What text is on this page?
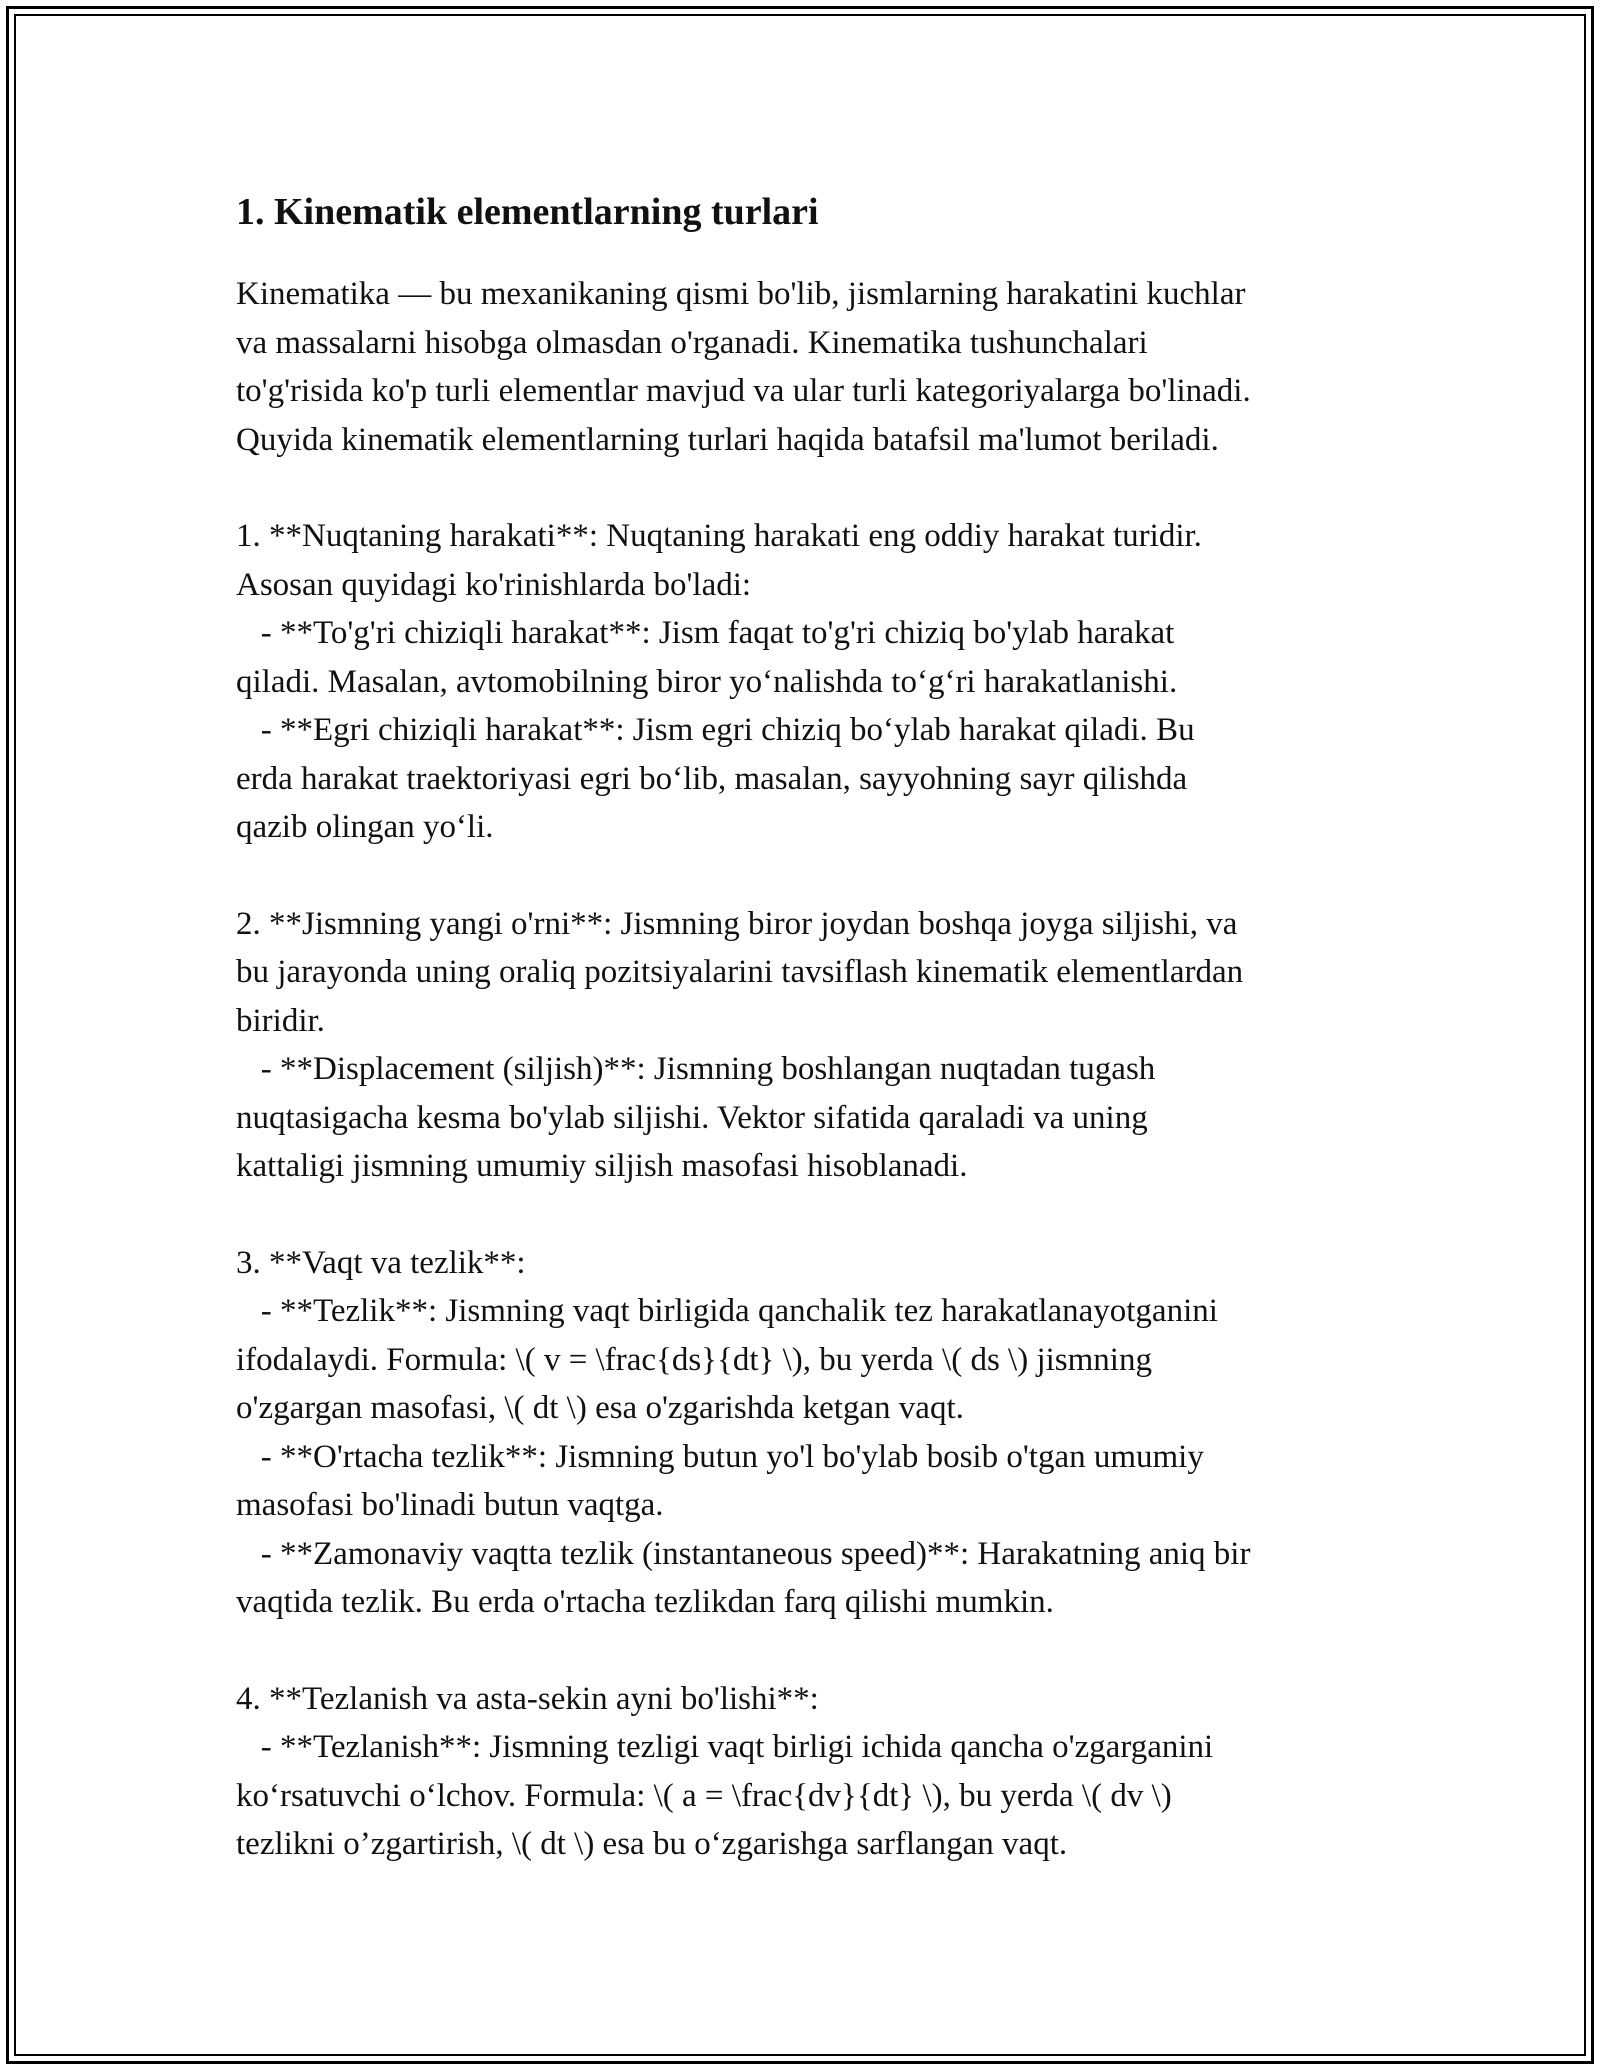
1. Kinematik elementlarning turlari
Kinematika — bu mexanikaning qismi bo'lib, jismlarning harakatini kuchlar
va massalarni hisobga olmasdan o'rganadi. Kinematika tushunchalari
to'g'risida ko'p turli elementlar mavjud va ular turli kategoriyalarga bo'linadi.
Quyida kinematik elementlarning turlari haqida batafsil ma'lumot beriladi.
1. **Nuqtaning harakati**: Nuqtaning harakati eng oddiy harakat turidir.
Asosan quyidagi ko'rinishlarda bo'ladi:
- **To'g'ri chiziqli harakat**: Jism faqat to'g'ri chiziq bo'ylab harakat
qiladi. Masalan, avtomobilning biror yo‘nalishda to‘g‘ri harakatlanishi.
- **Egri chiziqli harakat**: Jism egri chiziq bo‘ylab harakat qiladi. Bu
erda harakat traektoriyasi egri bo‘lib, masalan, sayyohning sayr qilishda
qazib olingan yo‘li.
2. **Jismning yangi o'rni**: Jismning biror joydan boshqa joyga siljishi, va
bu jarayonda uning oraliq pozitsiyalarini tavsiflash kinematik elementlardan
biridir.
- **Displacement (siljish)**: Jismning boshlangan nuqtadan tugash
nuqtasigacha kesma bo'ylab siljishi. Vektor sifatida qaraladi va uning
kattaligi jismning umumiy siljish masofasi hisoblanadi.
3. **Vaqt va tezlik**:
- **Tezlik**: Jismning vaqt birligida qanchalik tez harakatlanayotganini
ifodalaydi. Formula: \( v = \frac{ds}{dt} \), bu yerda \( ds \) jismning
o'zgargan masofasi, \( dt \) esa o'zgarishda ketgan vaqt.
- **O'rtacha tezlik**: Jismning butun yo'l bo'ylab bosib o'tgan umumiy
masofasi bo'linadi butun vaqtga.
- **Zamonaviy vaqtta tezlik (instantaneous speed)**: Harakatning aniq bir
vaqtida tezlik. Bu erda o'rtacha tezlikdan farq qilishi mumkin.
4. **Tezlanish va asta-sekin ayni bo'lishi**:
- **Tezlanish**: Jismning tezligi vaqt birligi ichida qancha o'zgarganini
ko‘rsatuvchi o‘lchov. Formula: \( a = \frac{dv}{dt} \), bu yerda \( dv \)
tezlikni o’zgartirish, \( dt \) esa bu o‘zgarishga sarflangan vaqt.
